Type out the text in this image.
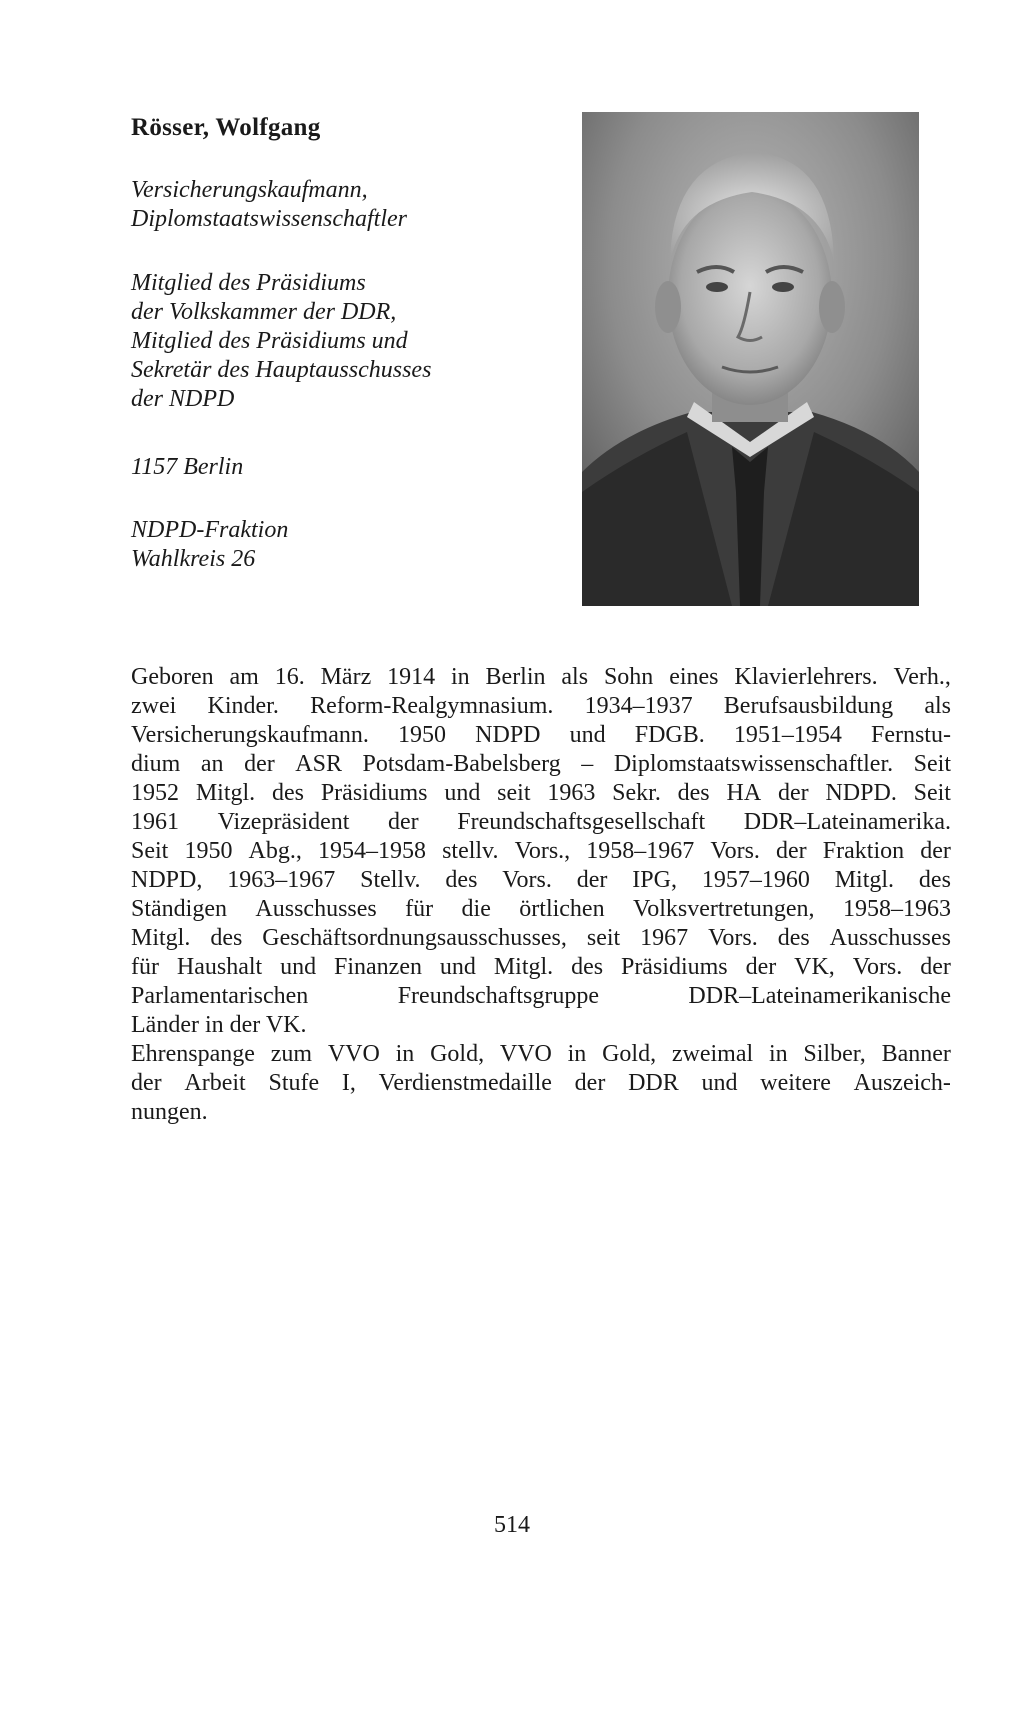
Rösser, Wolfgang
Versicherungskaufmann,
Diplomstaatswissenschaftler
Mitglied des Präsidiums
der Volkskammer der DDR,
Mitglied des Präsidiums und
Sekretär des Hauptausschusses
der NDPD
1157 Berlin
NDPD-Fraktion
Wahlkreis 26
Geboren am 16. März 1914 in Berlin als Sohn eines Klavierlehrers. Verh.,
zwei Kinder. Reform-Realgymnasium. 1934–1937 Berufsausbildung als
Versicherungskaufmann. 1950 NDPD und FDGB. 1951–1954 Fernstu-
dium an der ASR Potsdam-Babelsberg – Diplomstaatswissenschaftler. Seit
1952 Mitgl. des Präsidiums und seit 1963 Sekr. des HA der NDPD. Seit
1961 Vizepräsident der Freundschaftsgesellschaft DDR–Lateinamerika.
Seit 1950 Abg., 1954–1958 stellv. Vors., 1958–1967 Vors. der Fraktion der
NDPD, 1963–1967 Stellv. des Vors. der IPG, 1957–1960 Mitgl. des
Ständigen Ausschusses für die örtlichen Volksvertretungen, 1958–1963
Mitgl. des Geschäftsordnungsausschusses, seit 1967 Vors. des Ausschusses
für Haushalt und Finanzen und Mitgl. des Präsidiums der VK, Vors. der
Parlamentarischen	Freundschaftsgruppe	DDR–Lateinamerikanische
Länder in der VK.
Ehrenspange zum VVO in Gold, VVO in Gold, zweimal in Silber, Banner
der Arbeit Stufe I, Verdienstmedaille der DDR und weitere Auszeich-
nungen.
514
